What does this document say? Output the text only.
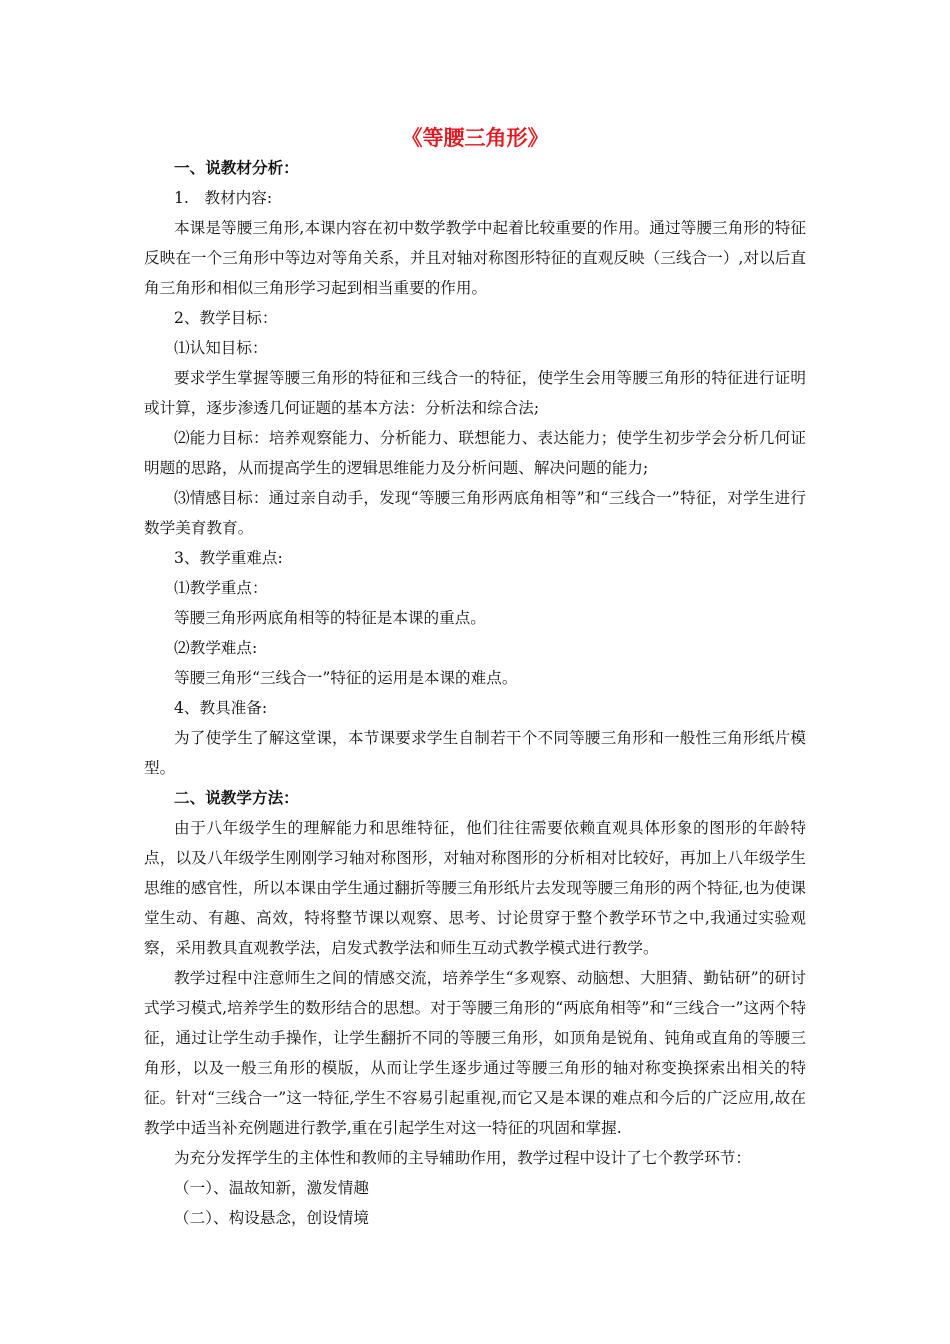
《等腰三角形》

一、说教材分析：

1.　教材内容:

本课是等腰三角形,本课内容在初中数学教学中起着比较重要的作用。通过等腰三角形的特征反映在一个三角形中等边对等角关系，并且对轴对称图形特征的直观反映（三线合一）,对以后直角三角形和相似三角形学习起到相当重要的作用。

2、教学目标：

⑴认知目标：

要求学生掌握等腰三角形的特征和三线合一的特征，使学生会用等腰三角形的特征进行证明或计算，逐步渗透几何证题的基本方法：分析法和综合法;

⑵能力目标：培养观察能力、分析能力、联想能力、表达能力；使学生初步学会分析几何证明题的思路，从而提高学生的逻辑思维能力及分析问题、解决问题的能力;

⑶情感目标：通过亲自动手，发现“等腰三角形两底角相等”和“三线合一”特征，对学生进行数学美育教育。

3、教学重难点:

⑴教学重点：

等腰三角形两底角相等的特征是本课的重点。

⑵教学难点:

等腰三角形“三线合一”特征的运用是本课的难点。

4、教具准备:

为了使学生了解这堂课，本节课要求学生自制若干个不同等腰三角形和一般性三角形纸片模型。

二、说教学方法：

由于八年级学生的理解能力和思维特征，他们往往需要依赖直观具体形象的图形的年龄特点，以及八年级学生刚刚学习轴对称图形，对轴对称图形的分析相对比较好，再加上八年级学生思维的感官性，所以本课由学生通过翻折等腰三角形纸片去发现等腰三角形的两个特征,也为使课堂生动、有趣、高效，特将整节课以观察、思考、讨论贯穿于整个教学环节之中,我通过实验观察，采用教具直观教学法，启发式教学法和师生互动式教学模式进行教学。

教学过程中注意师生之间的情感交流，培养学生“多观察、动脑想、大胆猜、勤钻研”的研讨式学习模式,培养学生的数形结合的思想。对于等腰三角形的“两底角相等”和“三线合一”这两个特征，通过让学生动手操作，让学生翻折不同的等腰三角形，如顶角是锐角、钝角或直角的等腰三角形，以及一般三角形的模版，从而让学生逐步通过等腰三角形的轴对称变换探索出相关的特征。针对“三线合一”这一特征,学生不容易引起重视,而它又是本课的难点和今后的广泛应用,故在教学中适当补充例题进行教学,重在引起学生对这一特征的巩固和掌握.

为充分发挥学生的主体性和教师的主导辅助作用，教学过程中设计了七个教学环节：

（一）、温故知新，激发情趣

（二）、构设悬念，创设情境
